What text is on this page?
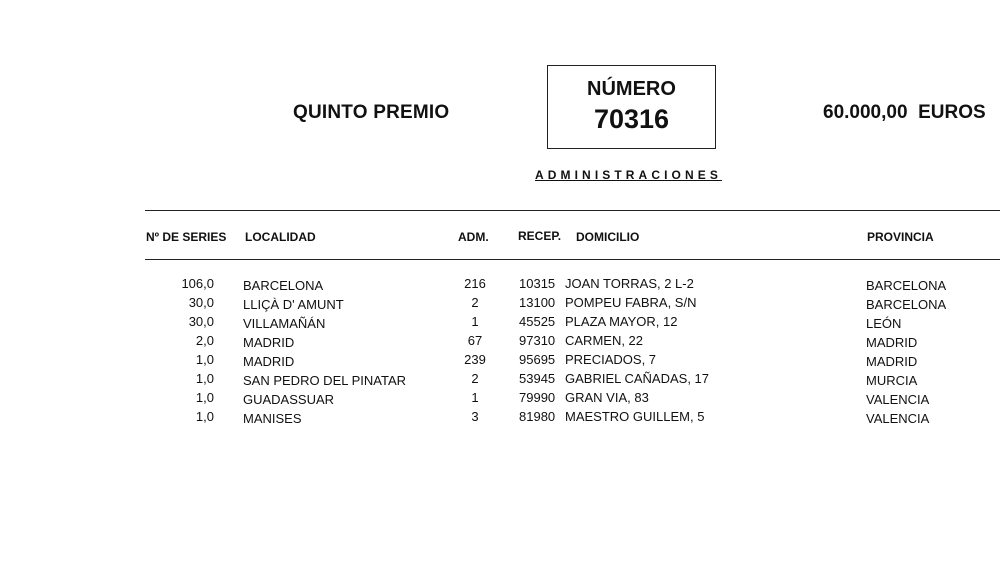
QUINTO PREMIO
NÚMERO
70316	60.000,00  EUROS
ADMINISTRACIONES
Nº DE SERIES LOCALIDAD	ADM. RECEP. DOMICILIO	PROVINCIA
106,0 BARCELONA	216	10315 JOAN TORRAS, 2 L-2	BARCELONA
30,0 LLIÇÀ D' AMUNT	2	13100 POMPEU FABRA, S/N	BARCELONA
30,0 VILLAMAÑÁN	1	45525 PLAZA MAYOR, 12	LEÓN
2,0 MADRID	67	97310 CARMEN, 22	MADRID
1,0 MADRID	239	95695 PRECIADOS, 7	MADRID
1,0 SAN PEDRO DEL PINATAR	2	53945 GABRIEL CAÑADAS, 17	MURCIA
1,0 GUADASSUAR	1	79990 GRAN VIA, 83	VALENCIA
1,0 MANISES	3	81980 MAESTRO GUILLEM, 5	VALENCIA
